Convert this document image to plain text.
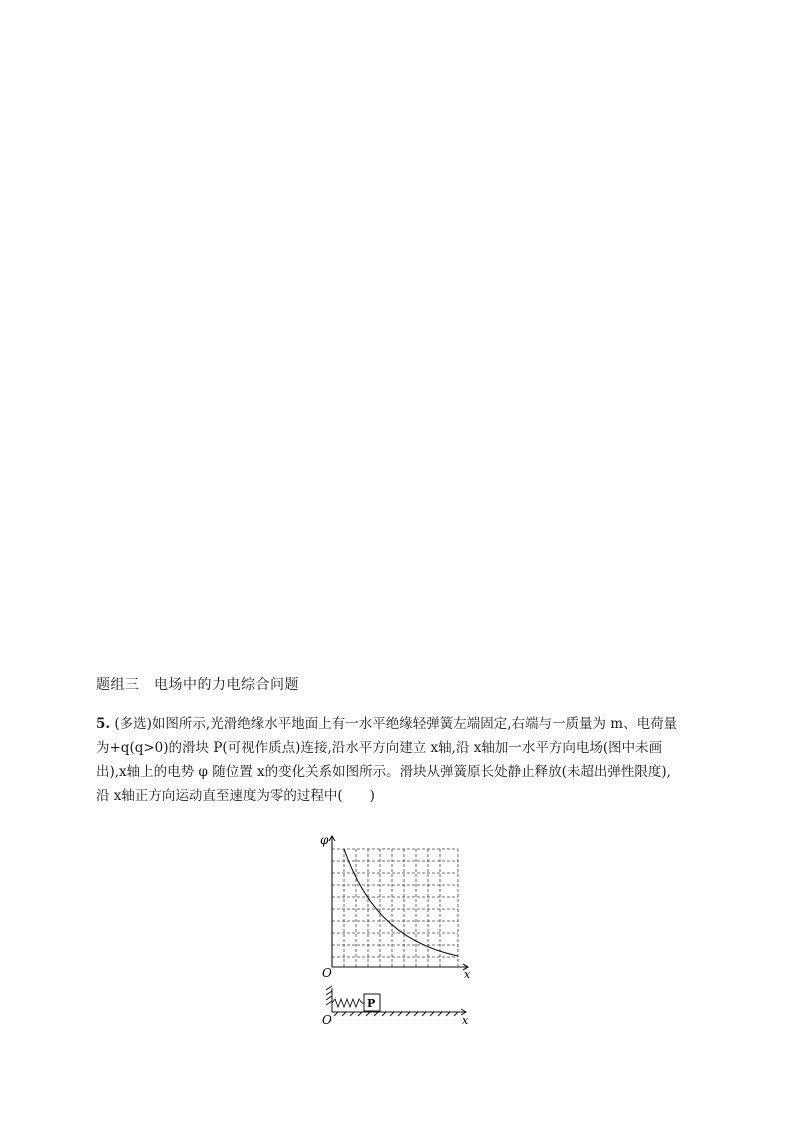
题组三　电场中的力电综合问题
5. (多选)如图所示,光滑绝缘水平地面上有一水平绝缘轻弹簧左端固定,右端与一质量为 m、电荷量
为+q(q>0)的滑块 P(可视作质点)连接,沿水平方向建立 x轴,沿 x轴加一水平方向电场(图中未画
出),x轴上的电势 φ 随位置 x的变化关系如图所示。滑块从弹簧原长处静止释放(未超出弹性限度),
沿 x轴正方向运动直至速度为零的过程中(　　)
φ
O	x
P
O	x
